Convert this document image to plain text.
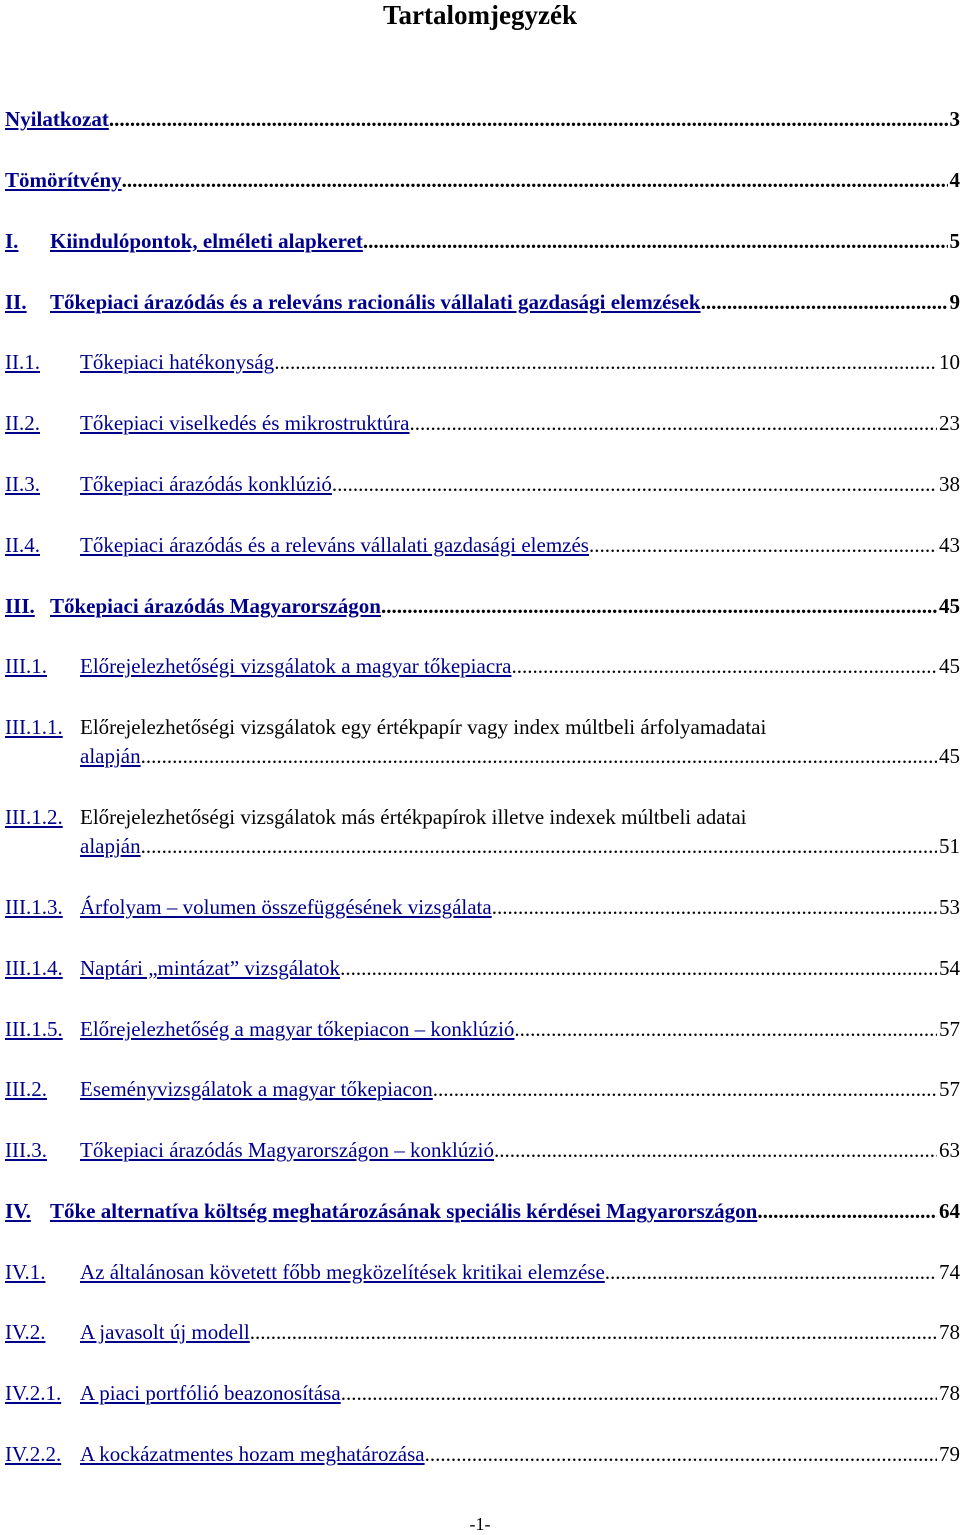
Tartalomjegyzék
Nyilatkozat .....	3
Tömörítvény .....	4
I. Kiindulópontok, elméleti alapkeret .....	5
II. Tőkepiaci árazódás és a releváns racionális vállalati gazdasági elemzések .....	9
II.1. Tőkepiaci hatékonyság .....	10
II.2. Tőkepiaci viselkedés és mikrostruktúra .....	23
II.3. Tőkepiaci árazódás konklúzió .....	38
II.4. Tőkepiaci árazódás és a releváns vállalati gazdasági elemzés .....	43
III. Tőkepiaci árazódás Magyarországon .....	45
III.1. Előrejelezhetőségi vizsgálatok a magyar tőkepiacra .....	45
III.1.1. Előrejelezhetőségi vizsgálatok egy értékpapír vagy index múltbeli árfolyamadatai
alapján .....	45
III.1.2. Előrejelezhetőségi vizsgálatok más értékpapírok illetve indexek múltbeli adatai
alapján .....	51
III.1.3. Árfolyam – volumen összefüggésének vizsgálata .....	53
III.1.4. Naptári „mintázat” vizsgálatok .....	54
III.1.5. Előrejelezhetőség a magyar tőkepiacon – konklúzió .....	57
III.2. Eseményvizsgálatok a magyar tőkepiacon .....	57
III.3. Tőkepiaci árazódás Magyarországon – konklúzió .....	63
IV. Tőke alternatíva költség meghatározásának speciális kérdései Magyarországon .....	64
IV.1. Az általánosan követett főbb megközelítések kritikai elemzése .....	74
IV.2. A javasolt új modell .....	78
IV.2.1. A piaci portfólió beazonosítása .....	78
IV.2.2. A kockázatmentes hozam meghatározása .....	79
-1-
